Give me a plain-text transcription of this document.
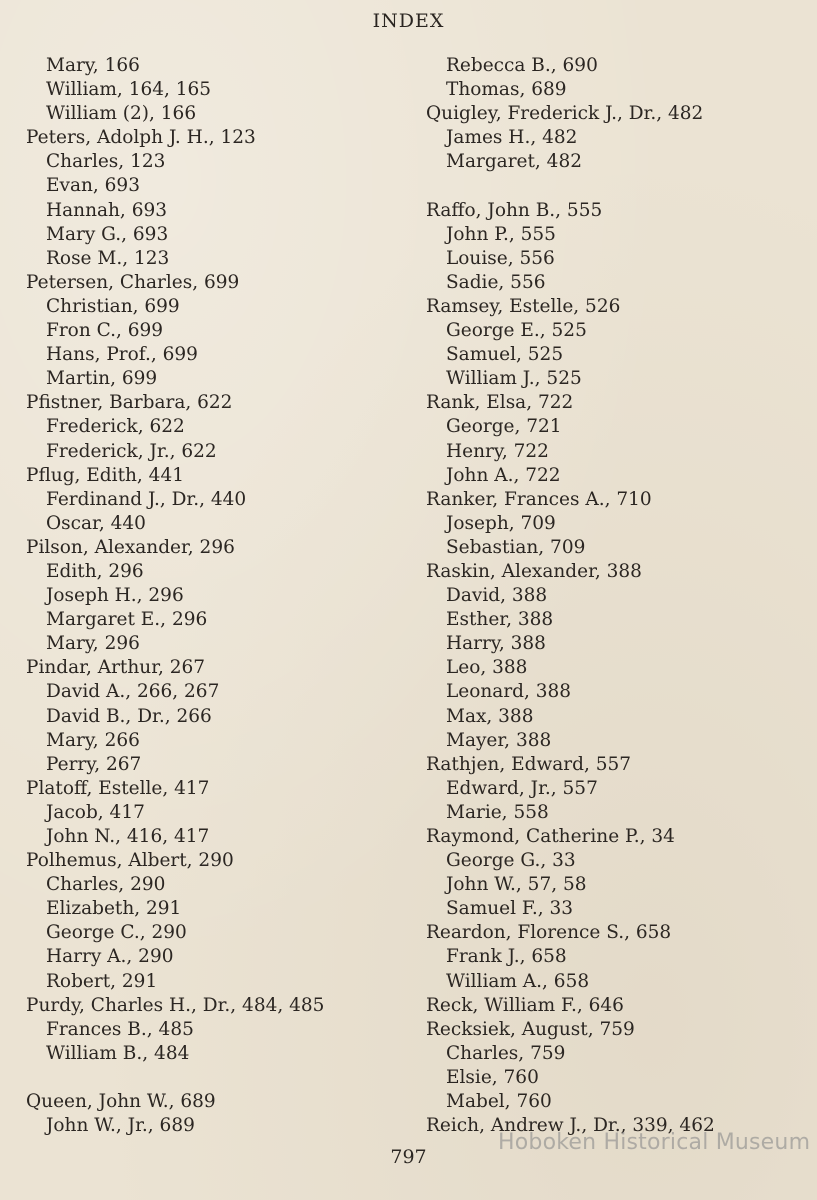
INDEX
Mary, 166
William, 164, 165
William (2), 166
Peters, Adolph J. H., 123
Charles, 123
Evan, 693
Hannah, 693
Mary G., 693
Rose M., 123
Petersen, Charles, 699
Christian, 699
Fron C., 699
Hans, Prof., 699
Martin, 699
Pfistner, Barbara, 622
Frederick, 622
Frederick, Jr., 622
Pflug, Edith, 441
Ferdinand J., Dr., 440
Oscar, 440
Pilson, Alexander, 296
Edith, 296
Joseph H., 296
Margaret E., 296
Mary, 296
Pindar, Arthur, 267
David A., 266, 267
David B., Dr., 266
Mary, 266
Perry, 267
Platoff, Estelle, 417
Jacob, 417
John N., 416, 417
Polhemus, Albert, 290
Charles, 290
Elizabeth, 291
George C., 290
Harry A., 290
Robert, 291
Purdy, Charles H., Dr., 484, 485
Frances B., 485
William B., 484
Queen, John W., 689
John W., Jr., 689
Rebecca B., 690
Thomas, 689
Quigley, Frederick J., Dr., 482
James H., 482
Margaret, 482
Raffo, John B., 555
John P., 555
Louise, 556
Sadie, 556
Ramsey, Estelle, 526
George E., 525
Samuel, 525
William J., 525
Rank, Elsa, 722
George, 721
Henry, 722
John A., 722
Ranker, Frances A., 710
Joseph, 709
Sebastian, 709
Raskin, Alexander, 388
David, 388
Esther, 388
Harry, 388
Leo, 388
Leonard, 388
Max, 388
Mayer, 388
Rathjen, Edward, 557
Edward, Jr., 557
Marie, 558
Raymond, Catherine P., 34
George G., 33
John W., 57, 58
Samuel F., 33
Reardon, Florence S., 658
Frank J., 658
William A., 658
Reck, William F., 646
Recksiek, August, 759
Charles, 759
Elsie, 760
Mabel, 760
Reich, Andrew J., Dr., 339, 462
797
Hoboken Historical Museum
